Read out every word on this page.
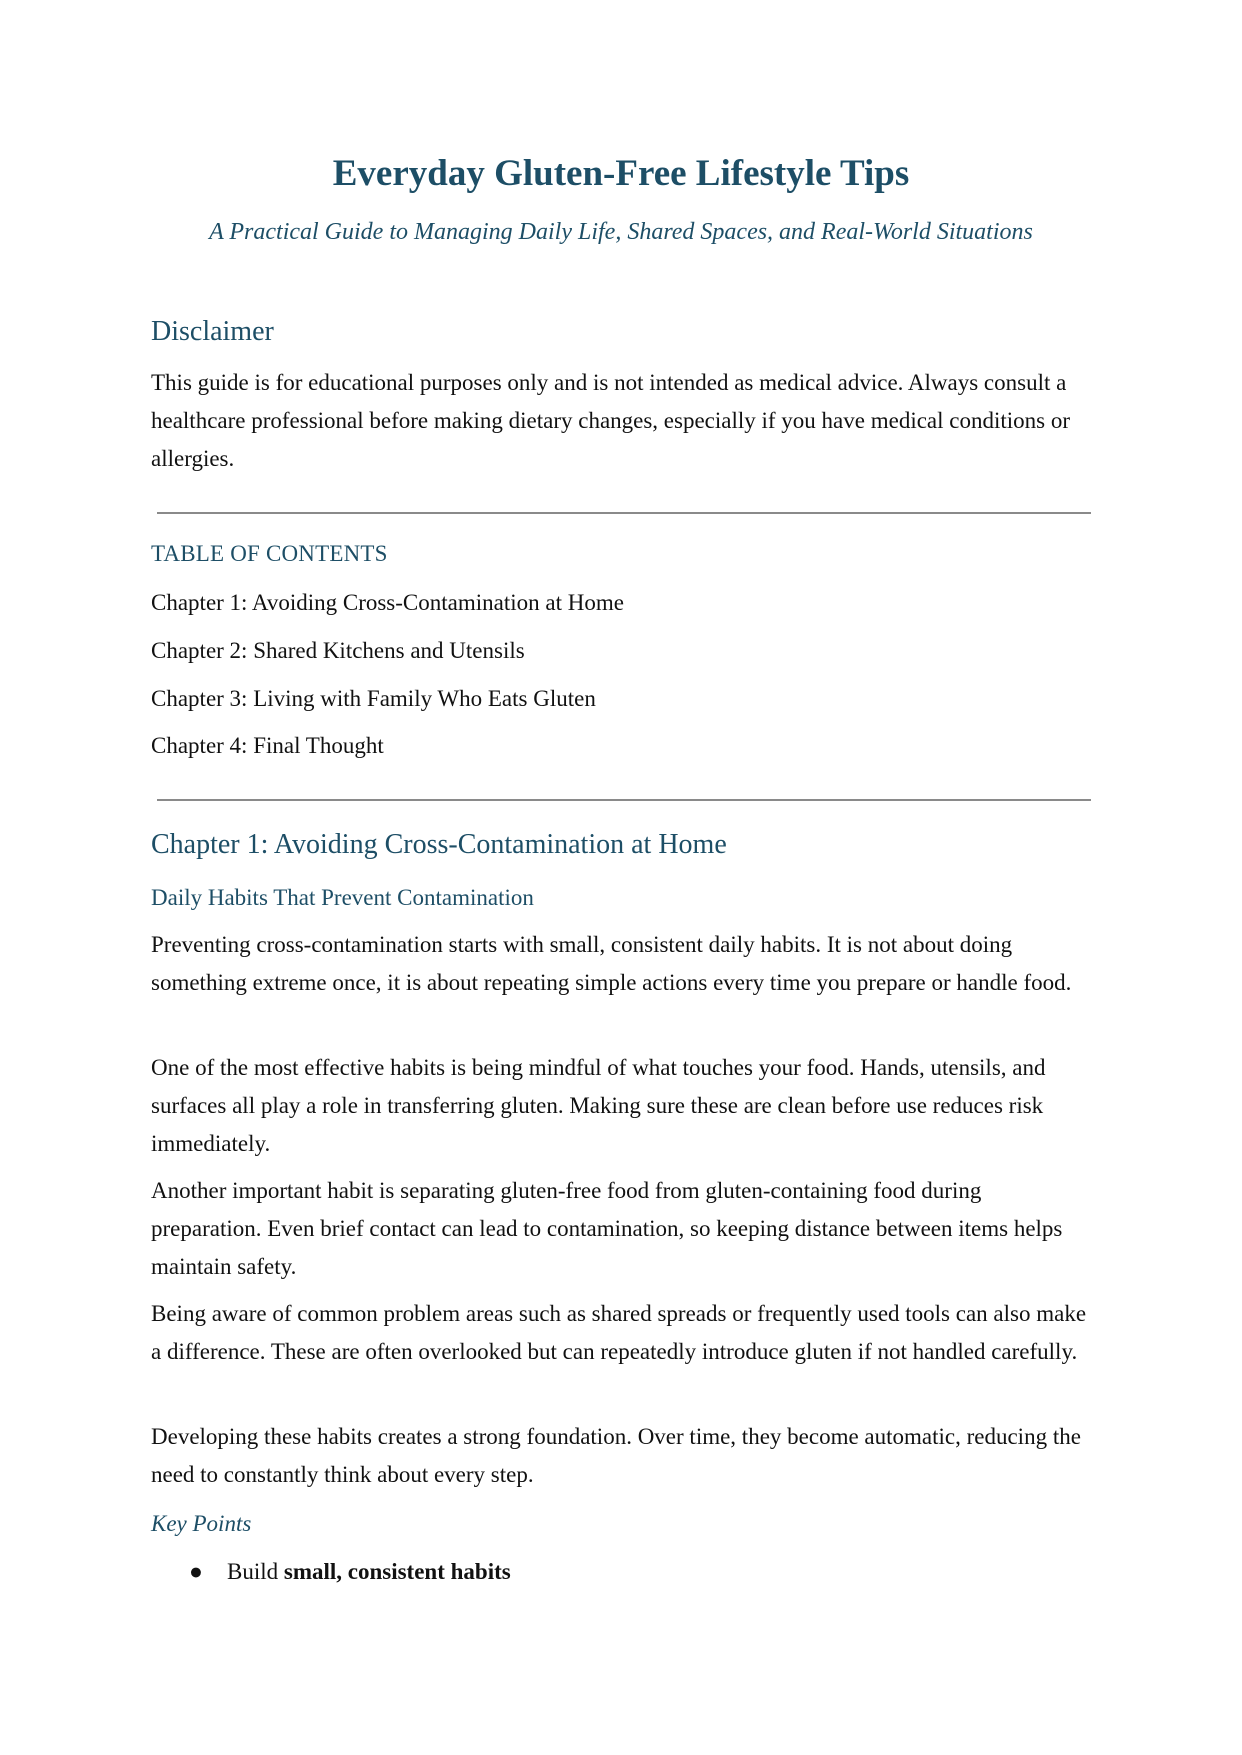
Everyday Gluten-Free Lifestyle Tips

A Practical Guide to Managing Daily Life, Shared Spaces, and Real-World Situations

Disclaimer

This guide is for educational purposes only and is not intended as medical advice. Always consult a healthcare professional before making dietary changes, especially if you have medical conditions or allergies.

TABLE OF CONTENTS
Chapter 1: Avoiding Cross-Contamination at Home
Chapter 2: Shared Kitchens and Utensils
Chapter 3: Living with Family Who Eats Gluten
Chapter 4: Final Thought
Chapter 1: Avoiding Cross-Contamination at Home
Daily Habits That Prevent Contamination

Preventing cross-contamination starts with small, consistent daily habits. It is not about doing something extreme once, it is about repeating simple actions every time you prepare or handle food.

One of the most effective habits is being mindful of what touches your food. Hands, utensils, and surfaces all play a role in transferring gluten. Making sure these are clean before use reduces risk immediately.

Another important habit is separating gluten-free food from gluten-containing food during preparation. Even brief contact can lead to contamination, so keeping distance between items helps maintain safety.

Being aware of common problem areas such as shared spreads or frequently used tools can also make a difference. These are often overlooked but can repeatedly introduce gluten if not handled carefully.

Developing these habits creates a strong foundation. Over time, they become automatic, reducing the need to constantly think about every step.

Key Points
● Build small, consistent habits
